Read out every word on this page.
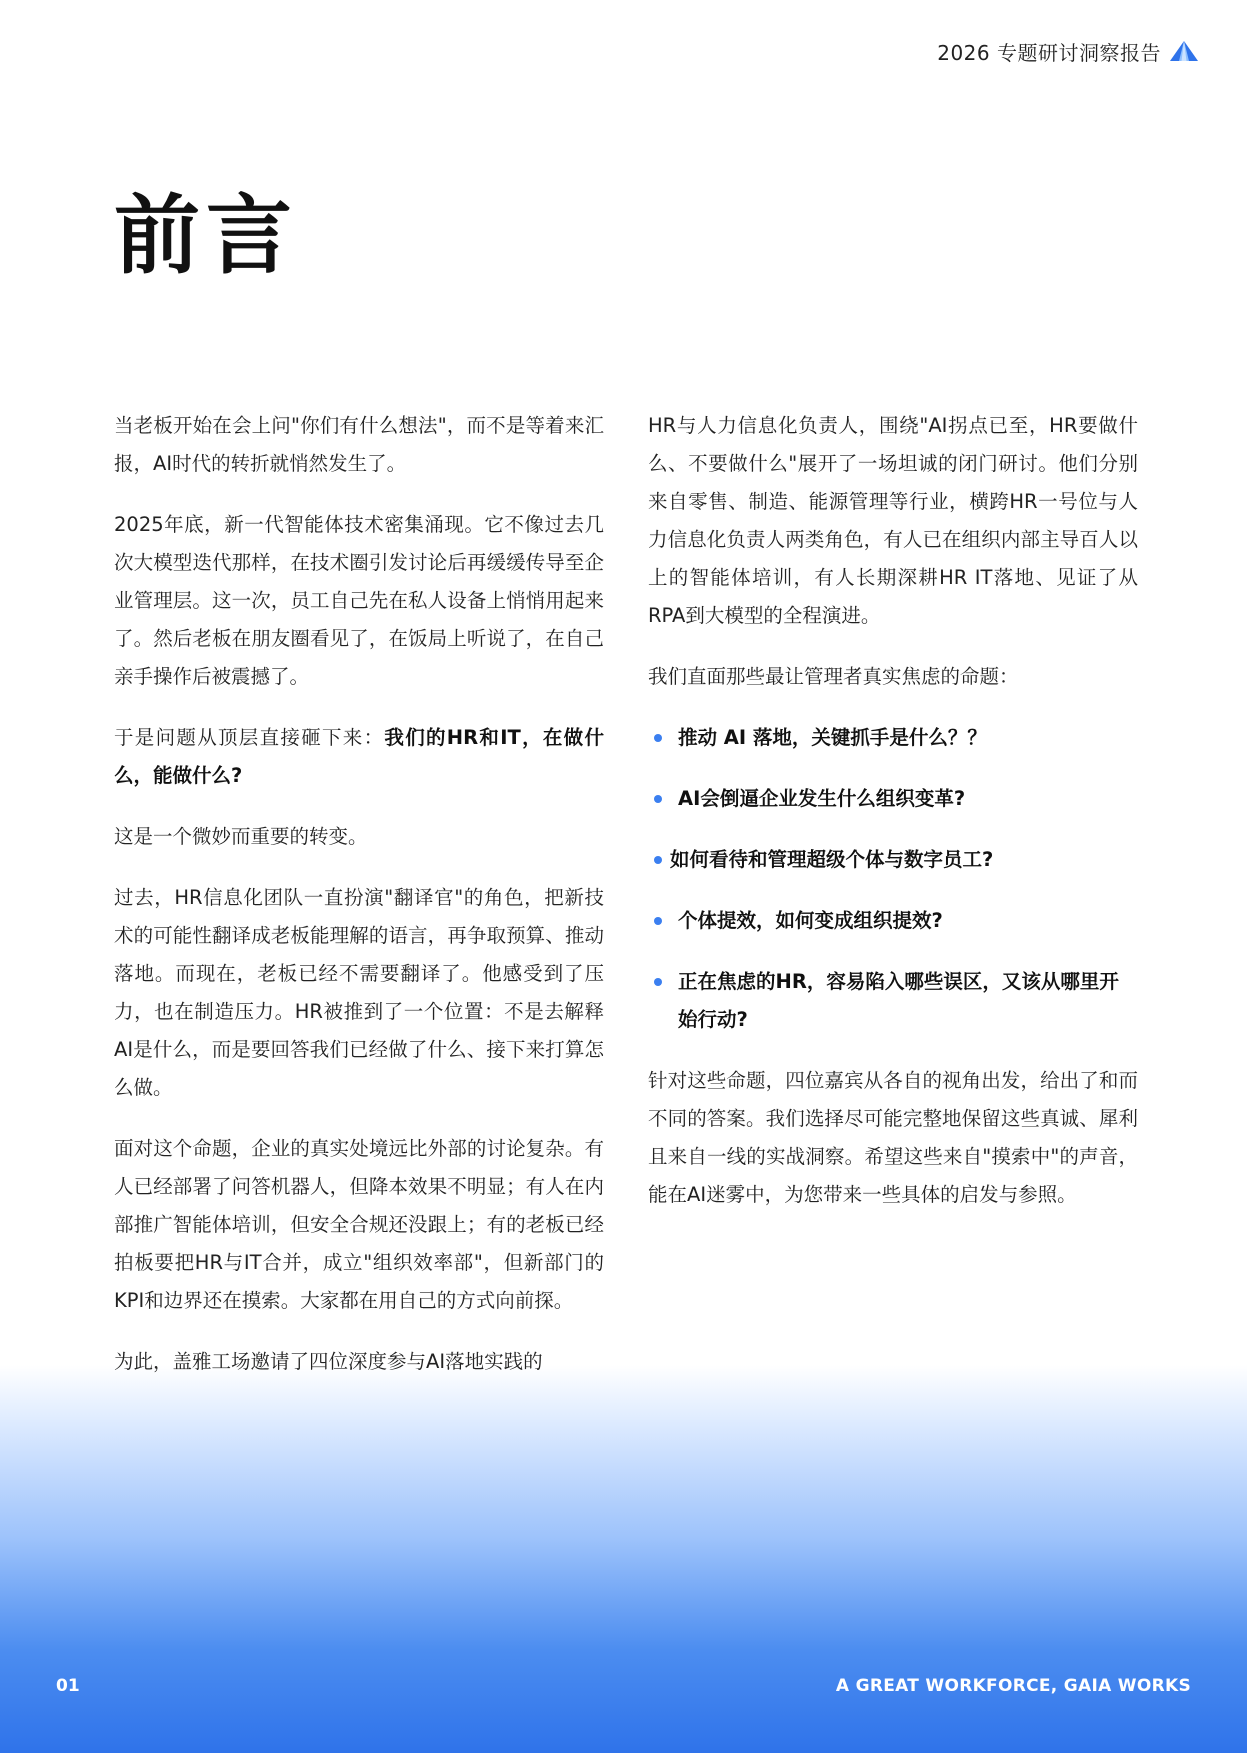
2026 专题研讨洞察报告
前言

当老板开始在会上问"你们有什么想法"，而不是等着来汇报，AI时代的转折就悄然发生了。

2025年底，新一代智能体技术密集涌现。它不像过去几次大模型迭代那样，在技术圈引发讨论后再缓缓传导至企业管理层。这一次，员工自己先在私人设备上悄悄用起来了。然后老板在朋友圈看见了，在饭局上听说了，在自己亲手操作后被震撼了。

于是问题从顶层直接砸下来：我们的HR和IT，在做什么，能做什么?

这是一个微妙而重要的转变。

过去，HR信息化团队一直扮演"翻译官"的角色，把新技术的可能性翻译成老板能理解的语言，再争取预算、推动落地。而现在，老板已经不需要翻译了。他感受到了压力，也在制造压力。HR被推到了一个位置：不是去解释AI是什么，而是要回答我们已经做了什么、接下来打算怎么做。

面对这个命题，企业的真实处境远比外部的讨论复杂。有人已经部署了问答机器人，但降本效果不明显；有人在内部推广智能体培训，但安全合规还没跟上；有的老板已经拍板要把HR与IT合并，成立"组织效率部"，但新部门的KPI和边界还在摸索。大家都在用自己的方式向前探。

为此，盖雅工场邀请了四位深度参与AI落地实践的

HR与人力信息化负责人，围绕"AI拐点已至，HR要做什么、不要做什么"展开了一场坦诚的闭门研讨。他们分别来自零售、制造、能源管理等行业，横跨HR一号位与人力信息化负责人两类角色，有人已在组织内部主导百人以上的智能体培训，有人长期深耕HR IT落地、见证了从RPA到大模型的全程演进。

我们直面那些最让管理者真实焦虑的命题：

推动 AI 落地，关键抓手是什么？？
AI会倒逼企业发生什么组织变革?
如何看待和管理超级个体与数字员工?
个体提效，如何变成组织提效?
正在焦虑的HR，容易陷入哪些误区，又该从哪里开始行动?

针对这些命题，四位嘉宾从各自的视角出发，给出了和而不同的答案。我们选择尽可能完整地保留这些真诚、犀利且来自一线的实战洞察。希望这些来自"摸索中"的声音，能在AI迷雾中，为您带来一些具体的启发与参照。

01	A GREAT WORKFORCE, GAIA WORKS
